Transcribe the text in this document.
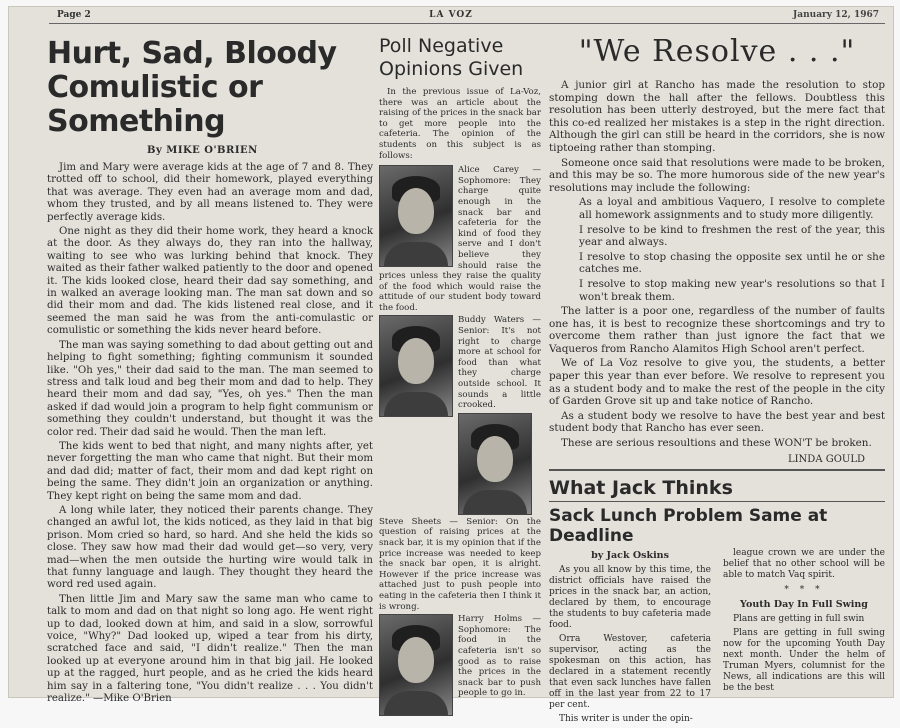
Page 2	LA VOZ	January 12, 1967
Hurt, Sad, Bloody
Comulistic or Something
By MIKE O'BRIEN

Jim and Mary were average kids at the age of 7 and 8. They trotted off to school, did their homework, played everything that was average. They even had an average mom and dad, whom they trusted, and by all means listened to. They were perfectly average kids.

One night as they did their home work, they heard a knock at the door. As they always do, they ran into the hallway, waiting to see who was lurking behind that knock. They waited as their father walked patiently to the door and opened it. The kids looked close, heard their dad say something, and in walked an average looking man. The man sat down and so did their mom and dad. The kids listened real close, and it seemed the man said he was from the anti-comulastic or comulistic or something the kids never heard before.

The man was saying something to dad about getting out and helping to fight something; fighting communism it sounded like. "Oh yes," their dad said to the man. The man seemed to stress and talk loud and beg their mom and dad to help. They heard their mom and dad say, "Yes, oh yes." Then the man asked if dad would join a program to help fight communism or something they couldn't understand, but thought it was the color red. Their dad said he would. Then the man left.

The kids went to bed that night, and many nights after, yet never forgetting the man who came that night. But their mom and dad did; matter of fact, their mom and dad kept right on being the same. They didn't join an organization or anything. They kept right on being the same mom and dad.

A long while later, they noticed their parents change. They changed an awful lot, the kids noticed, as they laid in that big prison. Mom cried so hard, so hard. And she held the kids so close. They saw how mad their dad would get—so very, very mad—when the men outside the hurting wire would talk in that funny language and laugh. They thought they heard the word red used again.

Then little Jim and Mary saw the same man who came to talk to mom and dad on that night so long ago. He went right up to dad, looked down at him, and said in a slow, sorrowful voice, "Why?" Dad looked up, wiped a tear from his dirty, scratched face and said, "I didn't realize." Then the man looked up at everyone around him in that big jail. He looked up at the ragged, hurt people, and as he cried the kids heard him say in a faltering tone, "You didn't realize . . . You didn't realize." —Mike O'Brien

Poll Negative
Opinions Given

In the previous issue of La-Voz, there was an article about the raising of the prices in the snack bar to get more people into the cafeteria. The opinion of the students on this subject is as follows:

Alice Carey — Sophomore: They charge quite enough in the snack bar and cafeteria for the kind of food they serve and I don't believe they should raise the prices unless they raise the quality of the food which would raise the attitude of our student body toward the food.
Buddy Waters — Senior: It's not right to charge more at school for food than what they charge outside school. It sounds a little crooked.
Steve Sheets — Senior: On the question of raising prices at the snack bar, it is my opinion that if the price increase was needed to keep the snack bar open, it is alright. However if the price increase was attached just to push people into eating in the cafeteria then I think it is wrong.
Harry Holms — Sophomore: The food in the cafeteria isn't so good as to raise the prices in the snack bar to push people to go in.
"We Resolve . . ."

A junior girl at Rancho has made the resolution to stop stomping down the hall after the fellows. Doubtless this resolution has been utterly destroyed, but the mere fact that this co-ed realized her mistakes is a step in the right direction. Although the girl can still be heard in the corridors, she is now tiptoeing rather than stomping.

Someone once said that resolutions were made to be broken, and this may be so. The more humorous side of the new year's resolutions may include the following:

As a loyal and ambitious Vaquero, I resolve to complete all homework assignments and to study more diligently.

I resolve to be kind to freshmen the rest of the year, this year and always.

I resolve to stop chasing the opposite sex until he or she catches me.

I resolve to stop making new year's resolutions so that I won't break them.

The latter is a poor one, regardless of the number of faults one has, it is best to recognize these shortcomings and try to overcome them rather than just ignore the fact that we Vaqueros from Rancho Alamitos High School aren't perfect.

We of La Voz resolve to give you, the students, a better paper this year than ever before. We resolve to represent you as a student body and to make the rest of the people in the city of Garden Grove sit up and take notice of Rancho.

As a student body we resolve to have the best year and best student body that Rancho has ever seen.

These are serious resoultions and these WON'T be broken.

LINDA GOULD
What Jack Thinks
Sack Lunch Problem Same at Deadline
by Jack Oskins

As you all know by this time, the district officials have raised the prices in the snack bar, an action, declared by them, to encourage the students to buy cafeteria made food.

Orra Westover, cafeteria supervisor, acting as the spokesman on this action, has declared in a statement recently that even sack lunches have fallen off in the last year from 22 to 17 per cent.

This writer is under the opin-

league crown we are under the belief that no other school will be able to match Vaq spirit.

* * *
Youth Day In Full Swing

Plans are getting in full swin

Plans are getting in full swing now for the upcoming Youth Day next month. Under the helm of Truman Myers, columnist for the News, all indications are this will be the best
